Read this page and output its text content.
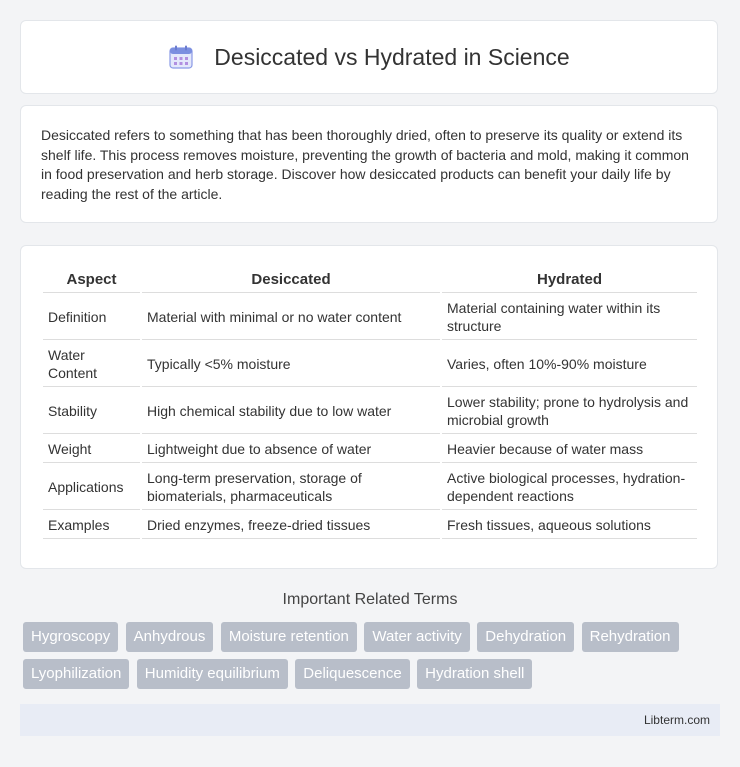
Desiccated vs Hydrated in Science

Desiccated refers to something that has been thoroughly dried, often to preserve its quality or extend its shelf life. This process removes moisture, preventing the growth of bacteria and mold, making it common in food preservation and herb storage. Discover how desiccated products can benefit your daily life by reading the rest of the article.

Aspect	Desiccated	Hydrated
Definition	Material with minimal or no water content	Material containing water within its structure
Water Content	Typically <5% moisture	Varies, often 10%-90% moisture
Stability	High chemical stability due to low water	Lower stability; prone to hydrolysis and microbial growth
Weight	Lightweight due to absence of water	Heavier because of water mass
Applications	Long-term preservation, storage of biomaterials, pharmaceuticals	Active biological processes, hydration-dependent reactions
Examples	Dried enzymes, freeze-dried tissues	Fresh tissues, aqueous solutions
Important Related Terms
Hygroscopy Anhydrous Moisture retention Water activity Dehydration Rehydration Lyophilization Humidity equilibrium Deliquescence Hydration shell
Libterm.com
